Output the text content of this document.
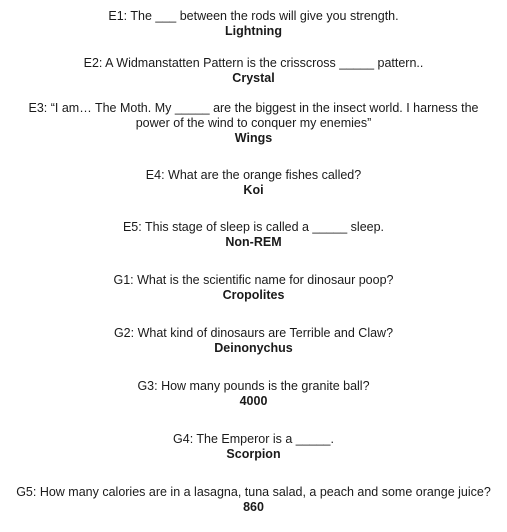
E1: The ___ between the rods will give you strength.

Lightning

E2: A Widmanstatten Pattern is the crisscross _____ pattern..

Crystal

E3: “I am… The Moth. My _____ are the biggest in the insect world. I harness the
power of the wind to conquer my enemies”

Wings

E4: What are the orange fishes called?

Koi

E5: This stage of sleep is called a _____ sleep.

Non-REM

G1: What is the scientific name for dinosaur poop?

Cropolites

G2: What kind of dinosaurs are Terrible and Claw?

Deinonychus

G3: How many pounds is the granite ball?

4000

G4: The Emperor is a _____.

Scorpion

G5: How many calories are in a lasagna, tuna salad, a peach and some orange juice?

860
